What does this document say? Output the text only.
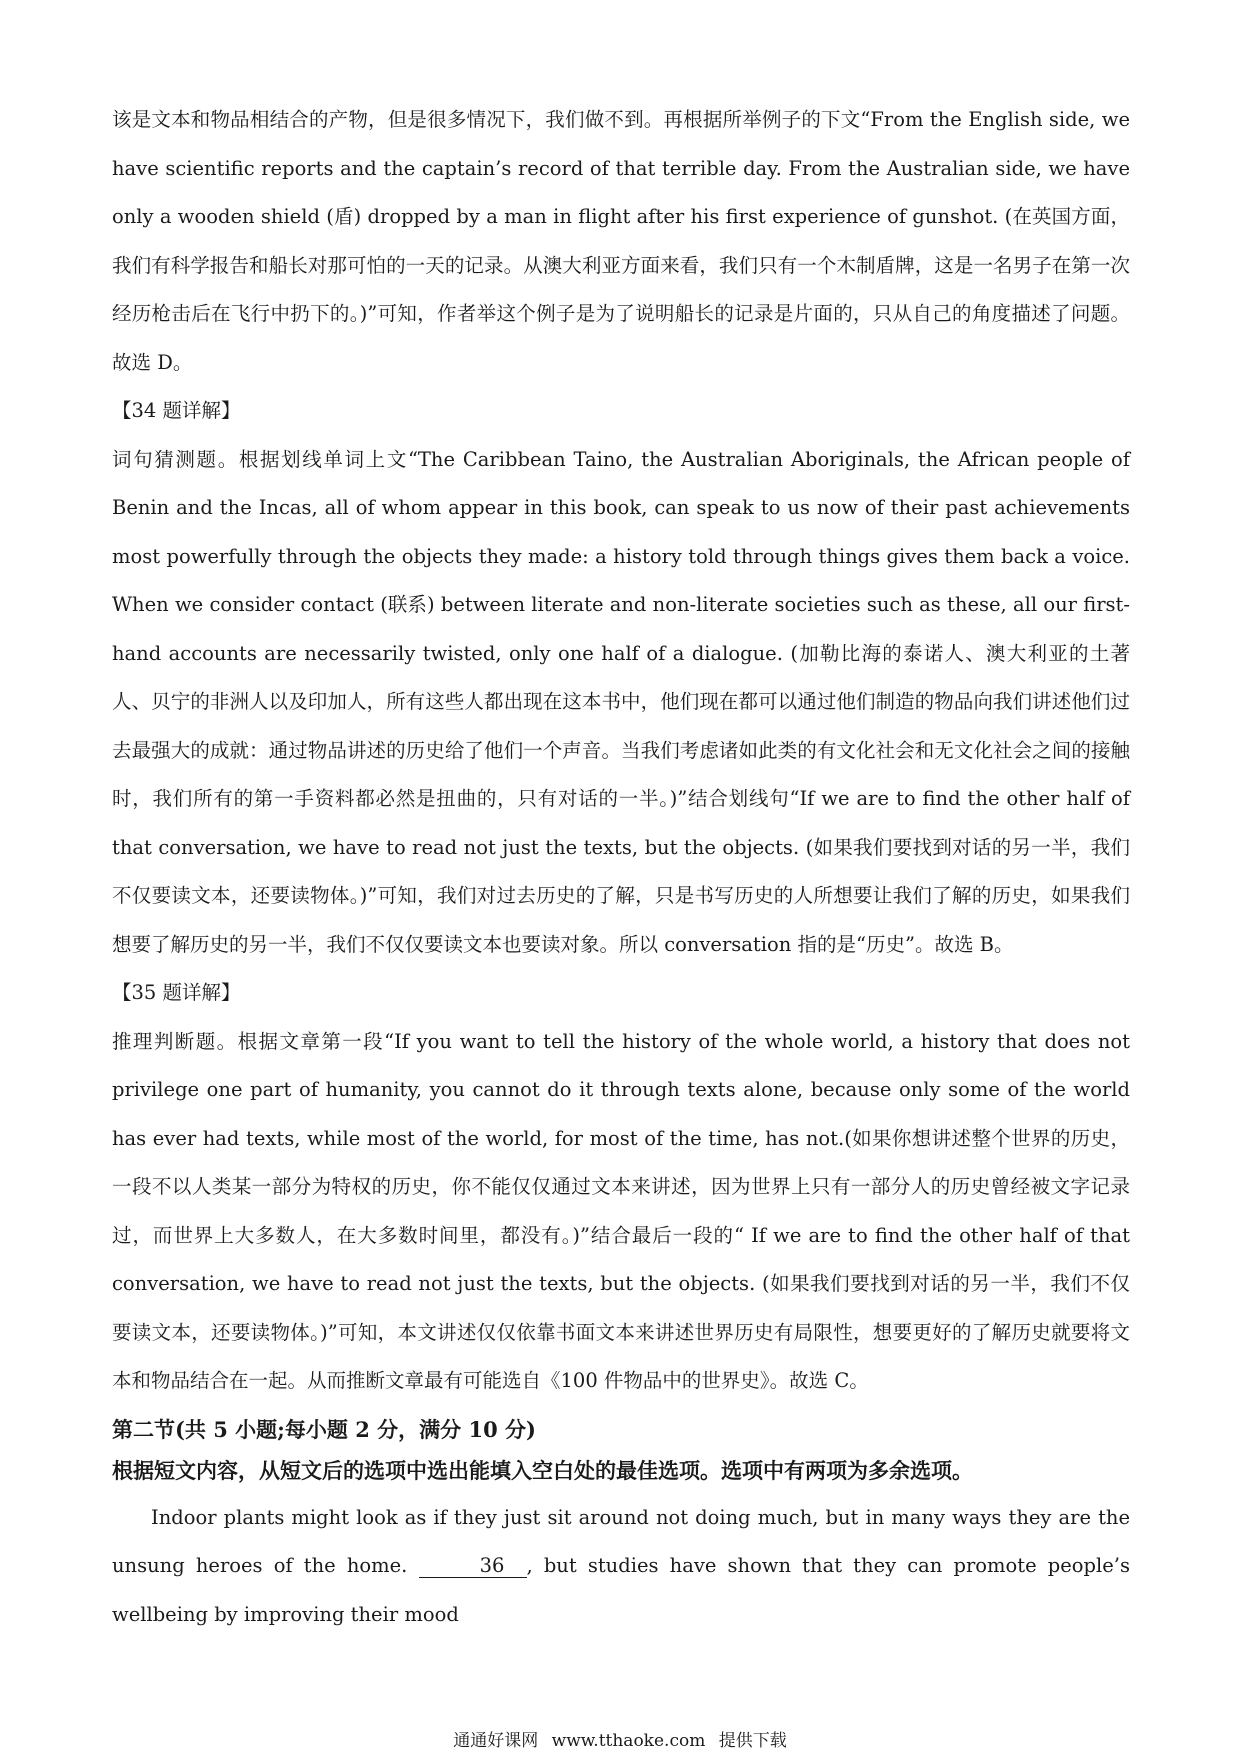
该是文本和物品相结合的产物，但是很多情况下，我们做不到。再根据所举例子的下文“From the English side, we have scientific reports and the captain’s record of that terrible day. From the Australian side, we have only a wooden shield (盾) dropped by a man in flight after his first experience of gunshot. (在英国方面，我们有科学报告和船长对那可怕的一天的记录。从澳大利亚方面来看，我们只有一个木制盾牌，这是一名男子在第一次经历枪击后在飞行中扔下的。)”可知，作者举这个例子是为了说明船长的记录是片面的，只从自己的角度描述了问题。故选 D。

【34 题详解】

词句猜测题。根据划线单词上文“The Caribbean Taino, the Australian Aboriginals, the African people of Benin and the Incas, all of whom appear in this book, can speak to us now of their past achievements most powerfully through the objects they made: a history told through things gives them back a voice. When we consider contact (联系) between literate and non-literate societies such as these, all our first-hand accounts are necessarily twisted, only one half of a dialogue. (加勒比海的泰诺人、澳大利亚的土著人、贝宁的非洲人以及印加人，所有这些人都出现在这本书中，他们现在都可以通过他们制造的物品向我们讲述他们过去最强大的成就：通过物品讲述的历史给了他们一个声音。当我们考虑诸如此类的有文化社会和无文化社会之间的接触时，我们所有的第一手资料都必然是扭曲的，只有对话的一半。)”结合划线句“If we are to find the other half of that conversation, we have to read not just the texts, but the objects. (如果我们要找到对话的另一半，我们不仅要读文本，还要读物体。)”可知，我们对过去历史的了解，只是书写历史的人所想要让我们了解的历史，如果我们想要了解历史的另一半，我们不仅仅要读文本也要读对象。所以 conversation 指的是“历史”。故选 B。

【35 题详解】

推理判断题。根据文章第一段“If you want to tell the history of the whole world, a history that does not privilege one part of humanity, you cannot do it through texts alone, because only some of the world has ever had texts, while most of the world, for most of the time, has not.(如果你想讲述整个世界的历史，一段不以人类某一部分为特权的历史，你不能仅仅通过文本来讲述，因为世界上只有一部分人的历史曾经被文字记录过，而世界上大多数人，在大多数时间里，都没有。)”结合最后一段的“ If we are to find the other half of that conversation, we have to read not just the texts, but the objects. (如果我们要找到对话的另一半，我们不仅要读文本，还要读物体。)”可知，本文讲述仅仅依靠书面文本来讲述世界历史有局限性，想要更好的了解历史就要将文本和物品结合在一起。从而推断文章最有可能选自《100 件物品中的世界史》。故选 C。

第二节(共 5 小题;每小题 2 分，满分 10 分)

根据短文内容，从短文后的选项中选出能填入空白处的最佳选项。选项中有两项为多余选项。

Indoor plants might look as if they just sit around not doing much, but in many ways they are the unsung heroes of the home.	36 , but studies have shown that they can promote people’s wellbeing by improving their mood

通通好课网 www.tthaoke.com 提供下载
